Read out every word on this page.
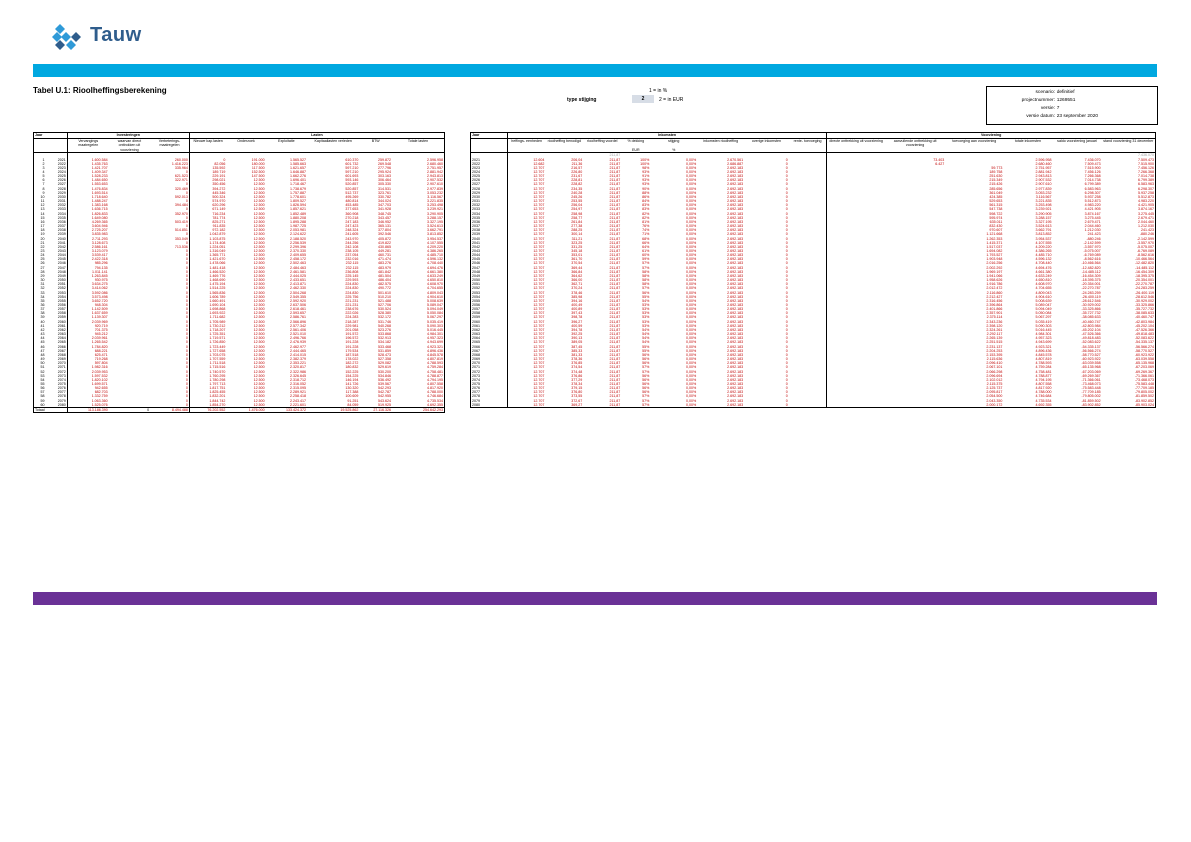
Tauw
Tabel U.1: Rioolheffingsberekening	1 = in %
type stijging	2	2 = in EUR
scenario: definitief
projectnummer: 1269551
versie: 7
versie datum: 23 september 2020
Jaar		Investeringen			Lasten					
		Vervangings maatregelen	waarvan direct onttrokken uit voorziening	Verbeterings- maatregelen	Nieuwe kap.lasten	Onderzoek	Exploitatie	Kapitaallasten verleden	BTW	Totale lasten

1	2021	1.600.584		260.000	0	191.000	1.565.527	610.370	259.872	2.596.958
2	2022	1.435.763		1.416.223	82.056	180.000	1.585.663	601.732	269.548	2.680.460
3	2023	1.421.707		335.964	135.592	117.500	1.621.657	597.210	277.796	2.751.957
4	2024	1.409.347		0	189.719	152.500	1.646.887	597.210	295.924	2.881.942
5	2025	1.528.233		621.523	229.191	147.500	1.662.276	601.693	303.163	2.943.813
6	2026	1.484.650		322.971	298.021	12.500	1.696.401	593.146	306.464	2.907.532
7	2027	1.553.653		0	350.456	12.500	1.718.467	520.857	305.330	2.907.610
8	2028	1.476.834		320.469	394.272	12.500	1.738.679	520.857	314.531	2.977.839
9	2029	1.693.514		0	445.346	12.500	1.757.887	512.737	323.761	3.053.232
10	2030	1.718.640		592.013	500.324	12.500	1.778.601	495.269	330.782	3.116.567
11	2031	1.488.247		0	574.970	12.500	1.809.527	480.814	344.024	3.221.835
12	2032	1.383.168		394.484	620.296	12.500	1.826.594	453.485	347.703	3.253.498
13	2033	1.636.715		0	671.149	12.500	1.857.621	377.653	341.928	3.239.921
14	2034	1.826.833		352.970	716.234	12.500	1.852.489	360.908	348.745	3.290.905
15	2035	1.649.080		0	781.774	12.500	1.880.208	270.218	343.457	3.288.157
16	2036	4.269.365		503.419	825.271	12.500	1.895.288	247.183	346.952	3.327.195
17	2037	3.604.946		0	911.835	12.500	1.987.725	247.423	365.131	3.524.613
18	2038	2.725.207		514.851	972.182	12.500	2.053.981	248.324	377.804	3.662.791
19	2039	3.835.983		0	1.042.879	12.500	2.124.622	241.605	392.546	3.813.852
20	2040	2.711.293		353.049	1.103.875	12.500	2.188.520	243.970	405.872	3.954.537
21	2041	3.128.673		0	1.174.408	12.500	2.256.539	244.256	419.822	4.107.555
22	2042	2.586.161		713.536	1.224.051	12.500	2.299.396	242.108	430.865	4.209.220
23	2043	3.123.079		0	1.316.049	12.500	2.370.330	238.105	449.281	4.386.265
24	2044	3.539.417		0	1.365.771	12.500	2.409.655	237.054	460.731	4.485.710
25	2045	2.422.318		0	1.421.670	12.500	2.458.172	232.016	471.474	4.596.132
26	2046	985.296		0	1.478.066	12.500	2.502.463	232.115	483.276	4.708.440
27	2047	794.135		0	1.481.418	12.500	2.484.463	232.115	483.979	4.694.476
28	2048	1.011.141		0	1.466.520	12.500	2.461.581	236.808	481.842	4.661.380
29	2049	1.263.845		0	1.469.776	12.500	2.444.025	225.145	481.504	4.633.249
30	2050	930.975		0	1.468.690	12.500	2.433.651	229.593	486.404	4.650.810
31	2051	3.634.275		0	1.475.194	12.500	2.413.871	224.830	482.575	4.608.970
32	2052	3.414.062		0	1.514.225	12.500	2.462.330	224.830	490.772	4.704.655
33	2053	3.592.086		0	1.565.836	12.500	2.504.268	224.830	501.610	4.809.043
34	2054	3.573.498		0	1.606.789	12.500	2.549.355	225.756	510.210	4.904.610
35	2055	3.652.720		0	1.660.491	12.500	2.592.920	221.231	521.488	5.008.639
36	2056	948.304		0	1.690.104	12.500	2.637.506	221.231	527.706	5.089.047
37	2057	1.142.509		0	1.698.868	12.500	2.618.461	238.676	530.524	5.094.049
38	2058	1.637.659		0	1.693.922	12.500	2.593.657	222.026	528.380	5.050.084
39	2059	1.139.307		0	1.711.682	12.500	2.586.761	224.283	532.172	5.067.297
40	2060	2.039.969		0	1.705.989	12.500	2.566.896	218.287	531.746	5.035.419
41	2061	920.719		0	1.730.212	12.500	2.577.342	229.981	540.268	5.090.303
42	2062	701.375		0	1.718.207	12.500	2.561.406	201.058	523.276	5.016.445
43	2063	945.212		0	1.725.351	12.500	2.521.010	191.572	533.868	4.984.301
44	2064	2.039.961		0	1.719.571	12.500	2.496.766	196.572	532.913	4.957.323
45	2065	1.265.542		0	1.726.850	12.500	2.476.939	191.228	534.182	4.943.699
46	2066	1.784.820		0	1.723.449	12.500	2.462.977	191.228	533.468	4.923.321
47	2067	688.221		0	1.727.658	12.500	2.444.465	179.534	531.859	4.896.436
48	2068	625.471		0	1.703.075	12.500	2.414.015	187.518	528.473	4.845.578
49	2069	719.268		0	1.707.559	12.500	2.382.379	178.022	527.358	4.807.819
50	2070	597.804		0	1.711.518	12.500	2.353.221	182.272	529.082	4.788.593
51	2071	1.982.316		0	1.715.516	12.500	2.320.817	180.832	529.619	4.759.284
52	2072	2.039.953		0	1.740.570	12.500	2.322.986	152.225	530.200	4.758.481
53	2073	1.597.532		0	1.760.295	12.500	2.326.645	154.225	534.846	4.788.877
54	2074	1.820.102		0	1.780.298	12.500	2.318.712	146.194	536.492	4.794.195
55	2075	1.699.571		0	1.797.713	12.500	2.316.052	141.726	539.567	4.807.558
56	2076	942.655		0	1.817.751	12.500	2.315.095	130.320	542.293	4.817.920
57	2077	682.703		0	1.825.455	12.500	2.289.921	117.388	542.787	4.788.000
58	2078	1.332.759		0	1.832.201	12.500	2.258.418	100.609	542.955	4.746.684
59	2079	1.063.360		0	1.844.742	12.500	2.243.417	91.251	543.624	4.735.534
60	2080	1.525.076		0	1.854.270	12.500	2.221.601	84.059	519.925	4.692.355
Totaal		113.186.390	0	8.494.488	76.202.552	1.476.000	133.424.372	19.525.862	27.116.326	254.642.293
Jaar	Inkomsten								Voorziening					
	heffings- eenheden	rioolheffing benodigd	rioolheffing voordel	% dekking	stijging	inkomsten rioolheffing	overige inkomsten	rente- toevoeging	directe onttrekking uit voorziening	aanvullende onttrekking uit voorziening	toevoeging aan voorziening	totale inkomsten	saldo voorziening januari	stand voorziening 31 december
				EUR	%									
			211,87											7.436.070
2021	12.604	206,04	211,87	100%	0,00%	2.670.561	0			73.403		2.596.958	7.436.070	7.509.473
2022	12.682	211,36	211,87	100%	0,00%	2.686.887	0			6.427		2.680.460	7.509.473	7.515.900
2023	12.707	216,57	211,87	98%	0,00%	2.692.183	0				59.773	2.751.957	7.515.900	7.456.126
2024	12.707	226,80	211,87	93%	0,00%	2.692.183	0				189.758	2.881.942	7.456.126	7.266.368
2025	12.707	231,67	211,87	91%	0,00%	2.692.183	0				251.630	2.943.813	7.266.368	7.014.738
2026	12.707	228,81	211,87	93%	0,00%	2.692.183	0				215.349	2.907.532	7.014.738	6.799.389
2027	12.707	228,82	211,87	93%	0,00%	2.692.183	0				215.426	2.907.610	6.799.389	6.583.963
2028	12.707	234,35	211,87	90%	0,00%	2.692.183	0				285.656	2.977.839	6.583.963	6.298.307
2029	12.707	240,28	211,87	88%	0,00%	2.692.183	0				361.049	3.053.232	6.298.307	5.937.258
2030	12.707	245,26	211,87	86%	0,00%	2.692.183	0				424.385	3.116.567	5.937.258	5.512.873
2031	12.707	253,55	211,87	84%	0,00%	2.692.183	0				529.653	3.221.835	5.512.873	4.983.220
2032	12.707	256,04	211,87	83%	0,00%	2.692.183	0				561.315	3.253.498	4.983.220	4.421.905
2033	12.707	254,97	211,87	83%	0,00%	2.692.183	0				547.738	3.239.921	4.421.905	3.874.167
2034	12.707	258,98	211,87	82%	0,00%	2.692.183	0				598.722	3.290.905	3.874.167	3.275.445
2035	12.707	258,77	211,87	82%	0,00%	2.692.183	0				595.974	3.288.157	3.275.445	2.679.471
2036	12.707	261,84	211,87	81%	0,00%	2.692.183	0				635.011	3.327.195	2.679.471	2.044.460
2037	12.707	277,38	211,87	76%	0,00%	2.692.183	0				832.430	3.524.613	2.044.460	1.212.030
2038	12.707	288,25	211,87	74%	0,00%	2.692.183	0				970.607	3.662.791	1.212.030	241.423
2039	12.707	300,14	211,87	71%	0,00%	2.692.183	0				1.121.668	3.813.852	241.423	-880.246
2040	12.707	311,21	211,87	68%	0,00%	2.692.183	0				1.262.353	3.954.537	-880.246	-2.142.599
2041	12.707	323,25	211,87	66%	0,00%	2.692.183	0				1.415.371	4.107.555	-2.142.599	-3.557.970
2042	12.707	331,25	211,87	64%	0,00%	2.692.183	0				1.517.037	4.209.220	-3.557.970	-5.075.007
2043	12.707	345,18	211,87	61%	0,00%	2.692.183	0				1.694.082	4.386.265	-5.075.007	-6.769.089
2044	12.707	353,01	211,87	60%	0,00%	2.692.183	0				1.793.527	4.485.710	-6.769.089	-8.562.616
2045	12.707	361,70	211,87	59%	0,00%	2.692.183	0				1.903.948	4.596.132	-8.562.616	-10.466.564
2046	12.707	370,54	211,87	57%	0,00%	2.692.183	0				2.016.256	4.708.440	-10.466.564	-12.482.820
2047	12.707	369,44	211,87	57%	0,00%	2.692.183	0				2.002.292	4.694.476	-12.482.820	-14.485.112
2048	12.707	366,84	211,87	58%	0,00%	2.692.183	0				1.969.197	4.661.380	-14.485.112	-16.454.309
2049	12.707	364,62	211,87	58%	0,00%	2.692.183	0				1.941.066	4.633.249	-16.454.309	-18.395.375
2050	12.707	366,00	211,87	58%	0,00%	2.692.183	0				1.958.626	4.650.810	-18.395.375	-20.354.001
2051	12.707	362,71	211,87	58%	0,00%	2.692.183	0				1.916.786	4.608.970	-20.354.001	-22.270.787
2052	12.707	370,24	211,87	57%	0,00%	2.692.183	0				2.012.472	4.704.655	-22.270.787	-24.283.259
2053	12.707	378,46	211,87	56%	0,00%	2.692.183	0				2.116.860	4.809.043	-24.283.259	-26.400.119
2054	12.707	385,98	211,87	55%	0,00%	2.692.183	0				2.212.427	4.904.610	-26.400.119	-28.612.546
2055	12.707	394,16	211,87	54%	0,00%	2.692.183	0				2.316.456	5.008.639	-28.612.546	-30.929.002
2056	12.707	400,49	211,87	53%	0,00%	2.692.183	0				2.396.864	5.089.047	-30.929.002	-33.325.866
2057	12.707	400,89	211,87	53%	0,00%	2.692.183	0				2.401.866	5.094.049	-33.325.866	-35.727.732
2058	12.707	397,43	211,87	53%	0,00%	2.692.183	0				2.357.901	5.050.084	-35.727.732	-38.085.633
2059	12.707	398,78	211,87	53%	0,00%	2.692.183	0				2.375.114	5.067.297	-38.085.633	-40.460.747
2060	12.707	396,27	211,87	53%	0,00%	2.692.183	0				2.343.236	5.035.419	-40.460.747	-42.803.984
2061	12.707	400,59	211,87	53%	0,00%	2.692.183	0				2.398.120	5.090.303	-42.803.984	-45.202.104
2062	12.707	394,78	211,87	54%	0,00%	2.692.183	0				2.324.261	5.016.445	-45.202.104	-47.526.366
2063	12.707	392,25	211,87	54%	0,00%	2.692.183	0				2.292.117	4.984.301	-47.526.366	-49.818.483
2064	12.707	390,13	211,87	54%	0,00%	2.692.183	0				2.265.139	4.957.323	-49.818.483	-52.083.622
2065	12.707	389,05	211,87	54%	0,00%	2.692.183	0				2.251.515	4.943.699	-52.083.622	-54.335.137
2066	12.707	387,45	211,87	55%	0,00%	2.692.183	0				2.231.137	4.923.321	-54.335.137	-56.566.274
2067	12.707	385,33	211,87	55%	0,00%	2.692.183	0				2.204.253	4.896.436	-56.566.274	-58.770.527
2068	12.707	381,33	211,87	56%	0,00%	2.692.183	0				2.153.395	4.845.578	-58.770.527	-60.923.922
2069	12.707	378,36	211,87	56%	0,00%	2.692.183	0				2.115.636	4.807.819	-60.923.922	-63.039.558
2070	12.707	376,85	211,87	56%	0,00%	2.692.183	0				2.096.410	4.788.593	-63.039.558	-65.135.968
2071	12.707	374,54	211,87	57%	0,00%	2.692.183	0				2.067.101	4.759.284	-65.135.968	-67.203.069
2072	12.707	374,48	211,87	57%	0,00%	2.692.183	0				2.066.298	4.758.481	-67.203.069	-69.269.367
2073	12.707	376,86	211,87	56%	0,00%	2.692.183	0				2.096.694	4.788.877	-69.269.367	-71.366.061
2074	12.707	377,29	211,87	56%	0,00%	2.692.183	0				2.102.012	4.794.195	-71.366.061	-73.468.073
2075	12.707	378,34	211,87	56%	0,00%	2.692.183	0				2.115.375	4.807.558	-73.468.073	-75.583.448
2076	12.707	379,15	211,87	56%	0,00%	2.692.183	0				2.125.737	4.817.920	-75.583.448	-77.709.185
2077	12.707	376,80	211,87	56%	0,00%	2.692.183	0				2.095.817	4.788.000	-77.709.185	-79.805.002
2078	12.707	373,55	211,87	57%	0,00%	2.692.183	0				2.054.500	4.746.684	-79.805.002	-81.859.502
2079	12.707	372,67	211,87	57%	0,00%	2.692.183	0				2.043.350	4.735.534	-81.859.502	-83.902.852
2080	12.707	369,27	211,87	57%	0,00%	2.692.183	0				2.000.172	4.692.355	-83.902.852	-85.903.024
